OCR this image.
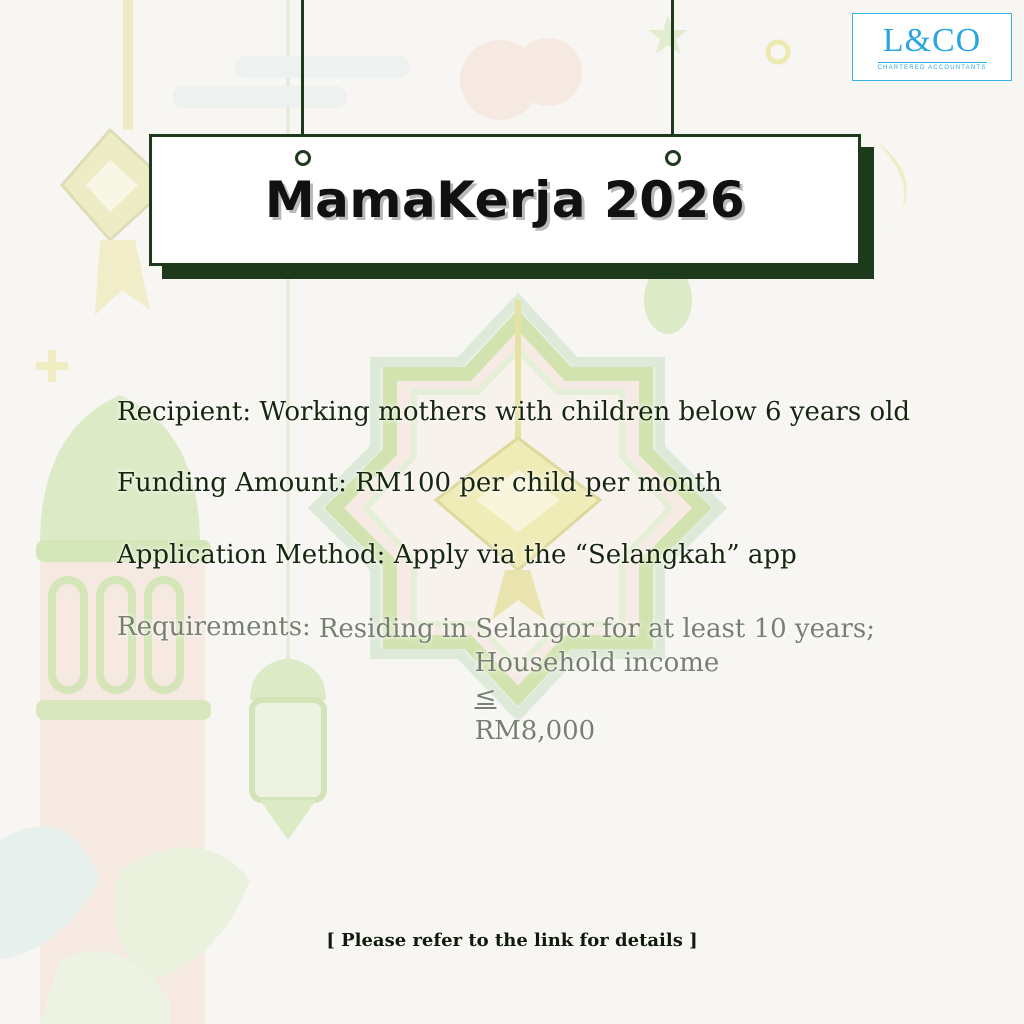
L&CO
CHARTERED ACCOUNTANTS
MamaKerja 2026
Recipient: Working mothers with children below 6 years old
Funding Amount: RM100 per child per month
Application Method: Apply via the “Selangkah” app
Requirements: Residing in Selangor for at least 10 years;
Household income
≤
RM8,000
[ Please refer to the link for details ]
